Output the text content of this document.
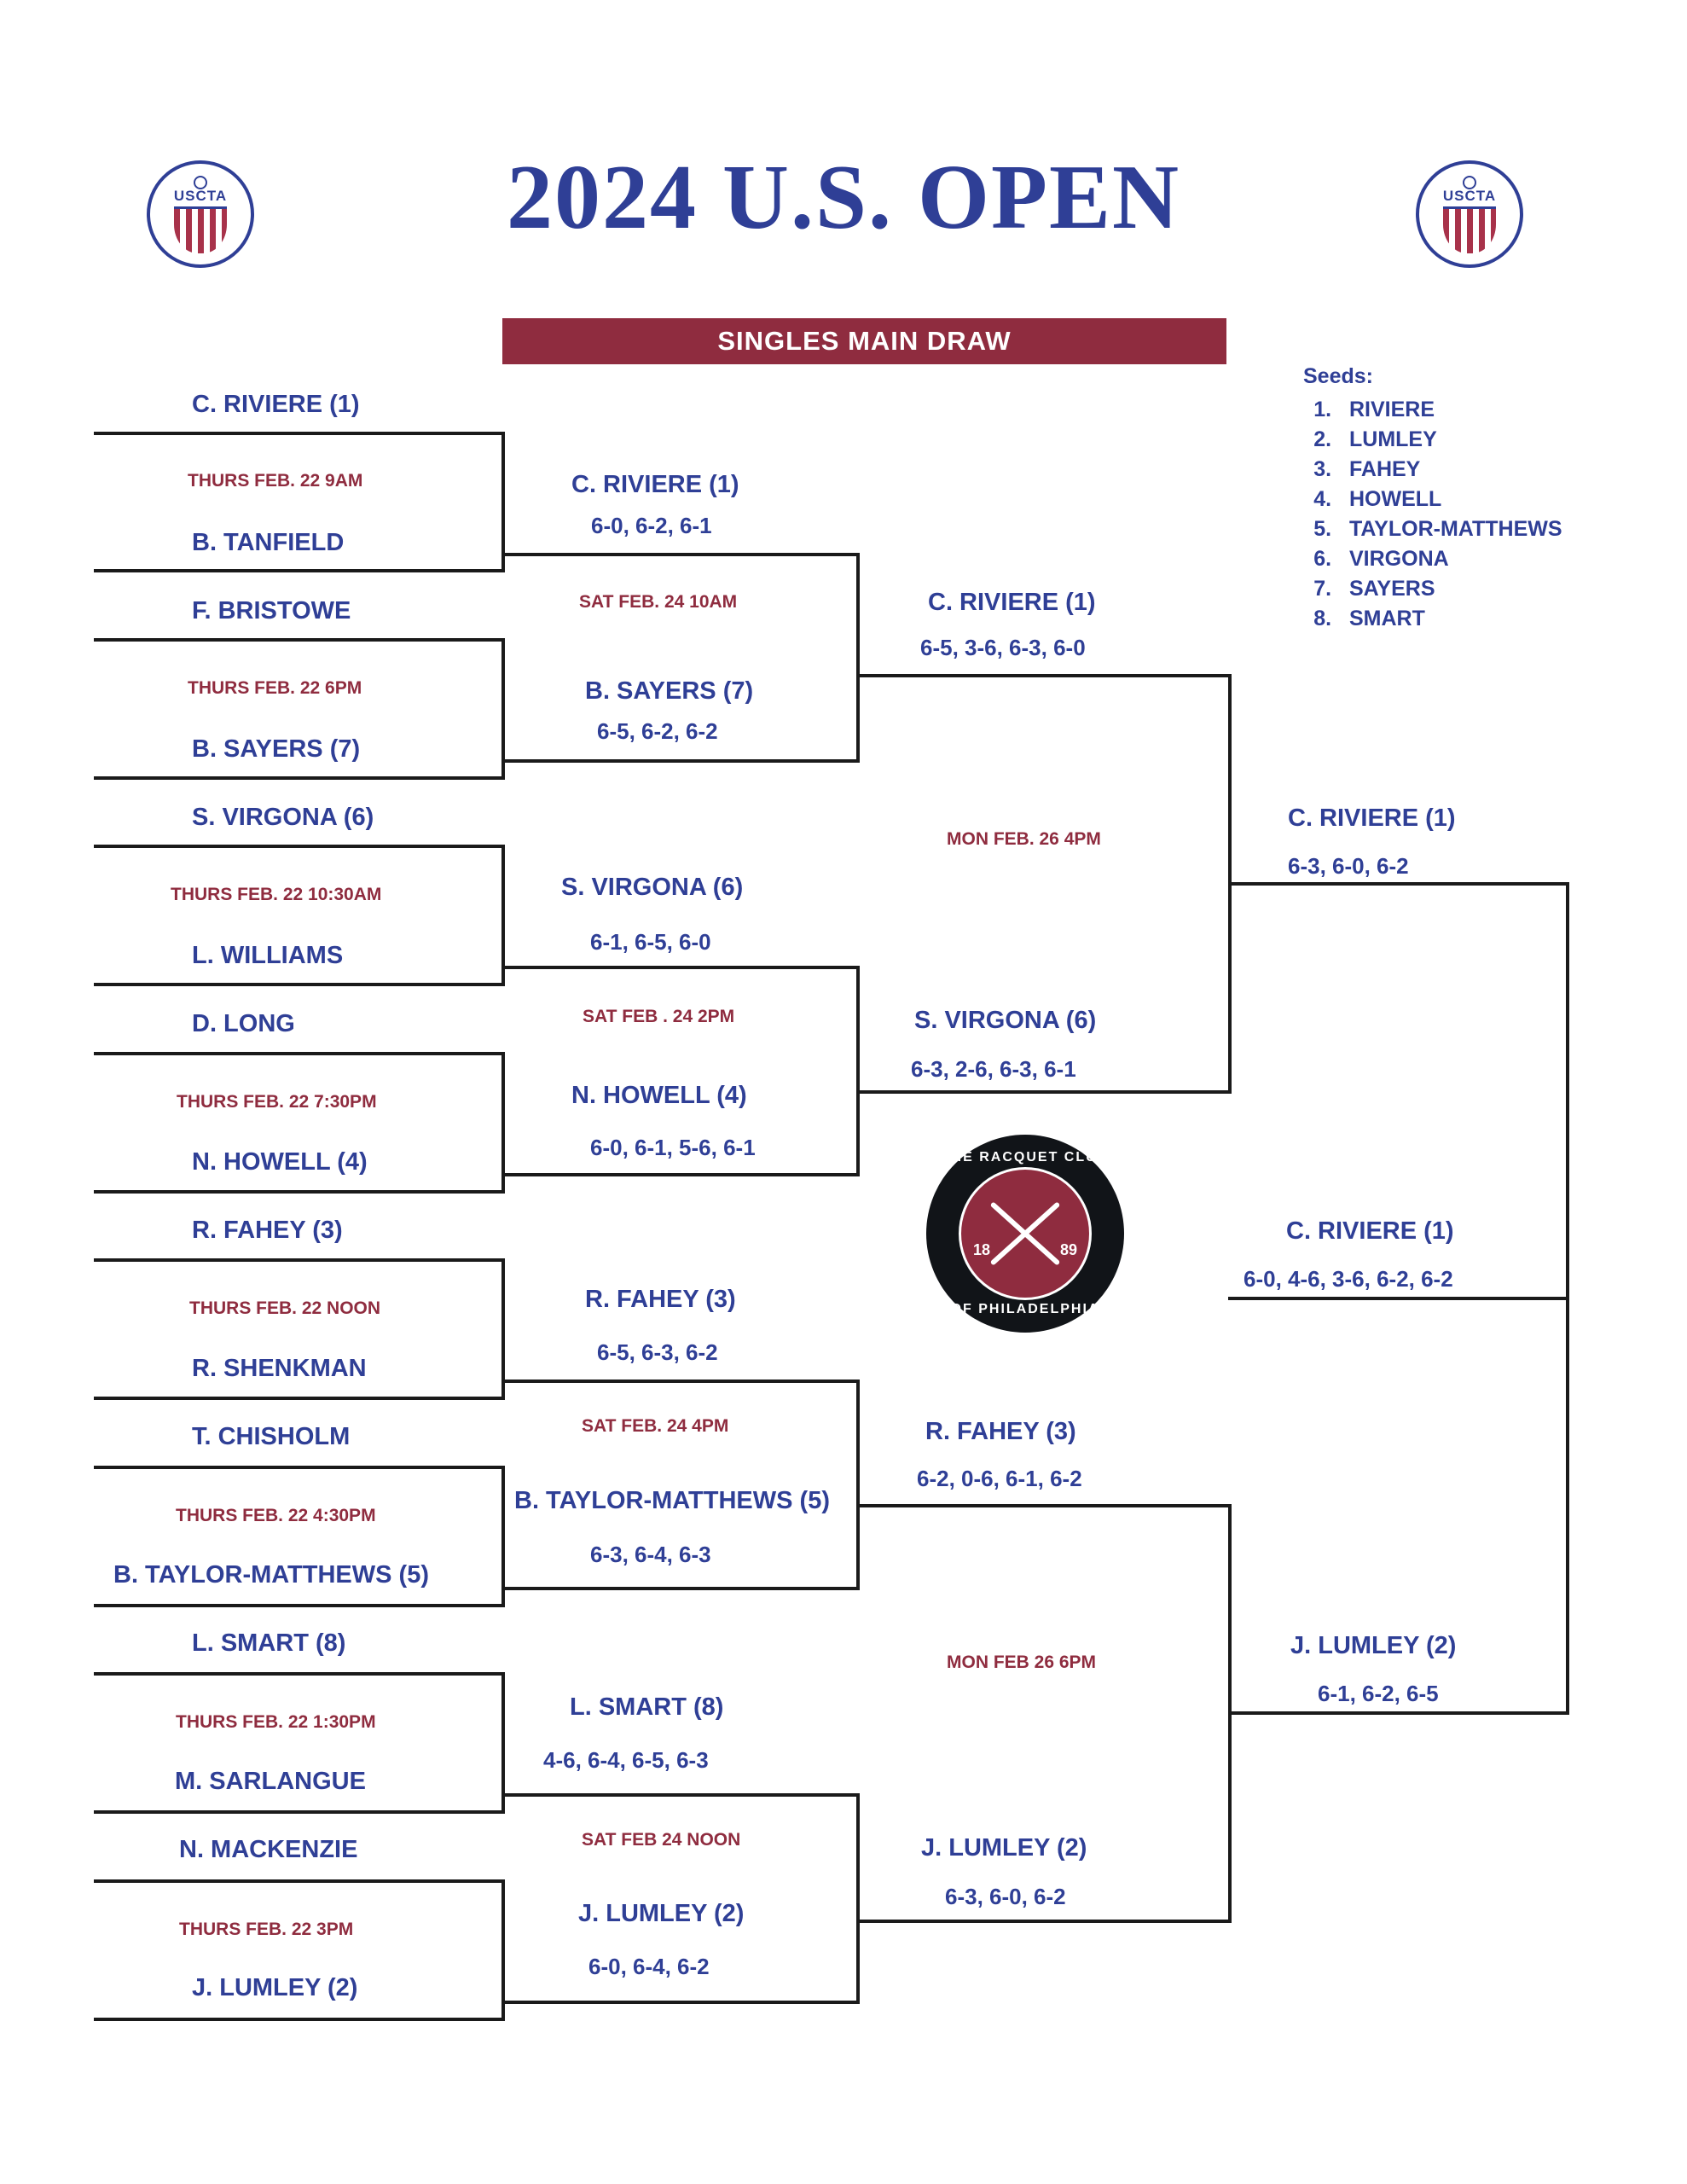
USCTA	USCTA
2024 U.S. OPEN
SINGLES MAIN DRAW
Seeds:
1. RIVIERE
2. LUMLEY
3. FAHEY
4. HOWELL
5. TAYLOR-MATTHEWS
6. VIRGONA
7. SAYERS
8. SMART
THE RACQUET CLUB
OF PHILADELPHIA
18	89
C. RIVIERE (1)
B. TANFIELD
F. BRISTOWE
B. SAYERS (7)
S. VIRGONA (6)
L. WILLIAMS
D. LONG
N. HOWELL (4)
R. FAHEY (3)
R. SHENKMAN
T. CHISHOLM
B. TAYLOR-MATTHEWS (5)
L. SMART (8)
M. SARLANGUE
N. MACKENZIE
J. LUMLEY (2)
THURS FEB. 22 9AM
THURS FEB. 22 6PM
THURS FEB. 22 10:30AM
THURS FEB. 22 7:30PM
THURS FEB. 22 NOON
THURS FEB. 22 4:30PM
THURS FEB. 22 1:30PM
THURS FEB. 22 3PM
C. RIVIERE (1)
6-0, 6-2, 6-1
B. SAYERS (7)
6-5, 6-2, 6-2
S. VIRGONA (6)
6-1, 6-5, 6-0
N. HOWELL (4)
6-0, 6-1, 5-6, 6-1
R. FAHEY (3)
6-5, 6-3, 6-2
B. TAYLOR-MATTHEWS (5)
6-3, 6-4, 6-3
L. SMART (8)
4-6, 6-4, 6-5, 6-3
J. LUMLEY (2)
6-0, 6-4, 6-2
SAT FEB. 24 10AM
SAT FEB . 24 2PM
SAT FEB. 24 4PM
SAT FEB 24 NOON
C. RIVIERE (1)
6-5, 3-6, 6-3, 6-0
S. VIRGONA (6)
6-3, 2-6, 6-3, 6-1
R. FAHEY (3)
6-2, 0-6, 6-1, 6-2
J. LUMLEY (2)
6-3, 6-0, 6-2
MON FEB. 26 4PM
MON FEB 26 6PM
C. RIVIERE (1)
6-3, 6-0, 6-2
J. LUMLEY (2)
6-1, 6-2, 6-5
C. RIVIERE (1)
6-0, 4-6, 3-6, 6-2, 6-2
